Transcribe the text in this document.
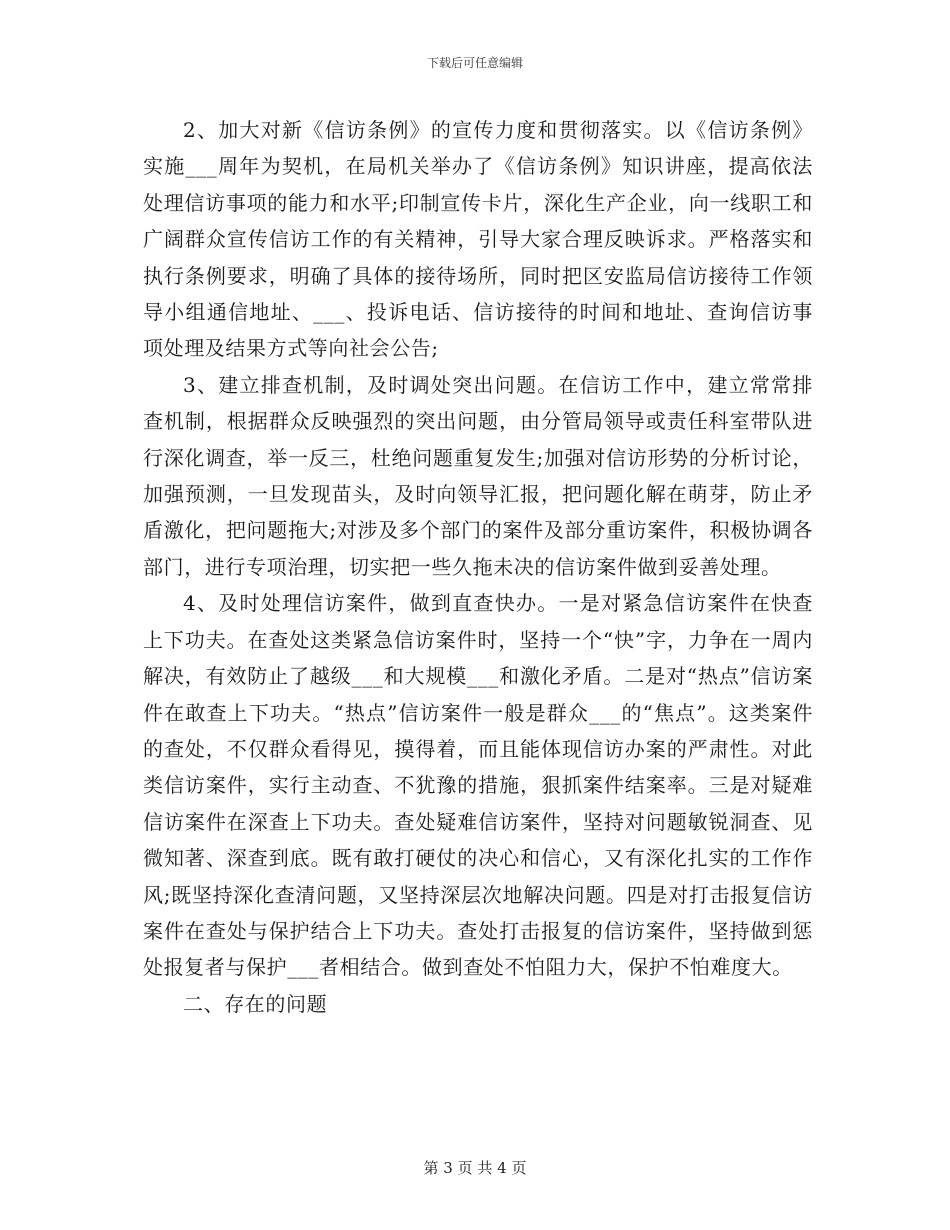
下载后可任意编辑

2、加大对新《信访条例》的宣传力度和贯彻落实。以《信访条例》实施___周年为契机，在局机关举办了《信访条例》知识讲座，提高依法处理信访事项的能力和水平;印制宣传卡片，深化生产企业，向一线职工和广阔群众宣传信访工作的有关精神，引导大家合理反映诉求。严格落实和执行条例要求，明确了具体的接待场所，同时把区安监局信访接待工作领导小组通信地址、___、投诉电话、信访接待的时间和地址、查询信访事项处理及结果方式等向社会公告;

3、建立排查机制，及时调处突出问题。在信访工作中，建立常常排查机制，根据群众反映强烈的突出问题，由分管局领导或责任科室带队进行深化调查，举一反三，杜绝问题重复发生;加强对信访形势的分析讨论，加强预测，一旦发现苗头，及时向领导汇报，把问题化解在萌芽，防止矛盾激化，把问题拖大;对涉及多个部门的案件及部分重访案件，积极协调各部门，进行专项治理，切实把一些久拖未决的信访案件做到妥善处理。

4、及时处理信访案件，做到直查快办。一是对紧急信访案件在快查上下功夫。在查处这类紧急信访案件时，坚持一个“快”字，力争在一周内解决，有效防止了越级___和大规模___和激化矛盾。二是对“热点”信访案件在敢查上下功夫。“热点”信访案件一般是群众___的“焦点”。这类案件的查处，不仅群众看得见，摸得着，而且能体现信访办案的严肃性。对此类信访案件，实行主动查、不犹豫的措施，狠抓案件结案率。三是对疑难信访案件在深查上下功夫。查处疑难信访案件，坚持对问题敏锐洞查、见微知著、深查到底。既有敢打硬仗的决心和信心，又有深化扎实的工作作风;既坚持深化查清问题，又坚持深层次地解决问题。四是对打击报复信访案件在查处与保护结合上下功夫。查处打击报复的信访案件，坚持做到惩处报复者与保护___者相结合。做到查处不怕阻力大，保护不怕难度大。

二、存在的问题

第 3 页 共 4 页
